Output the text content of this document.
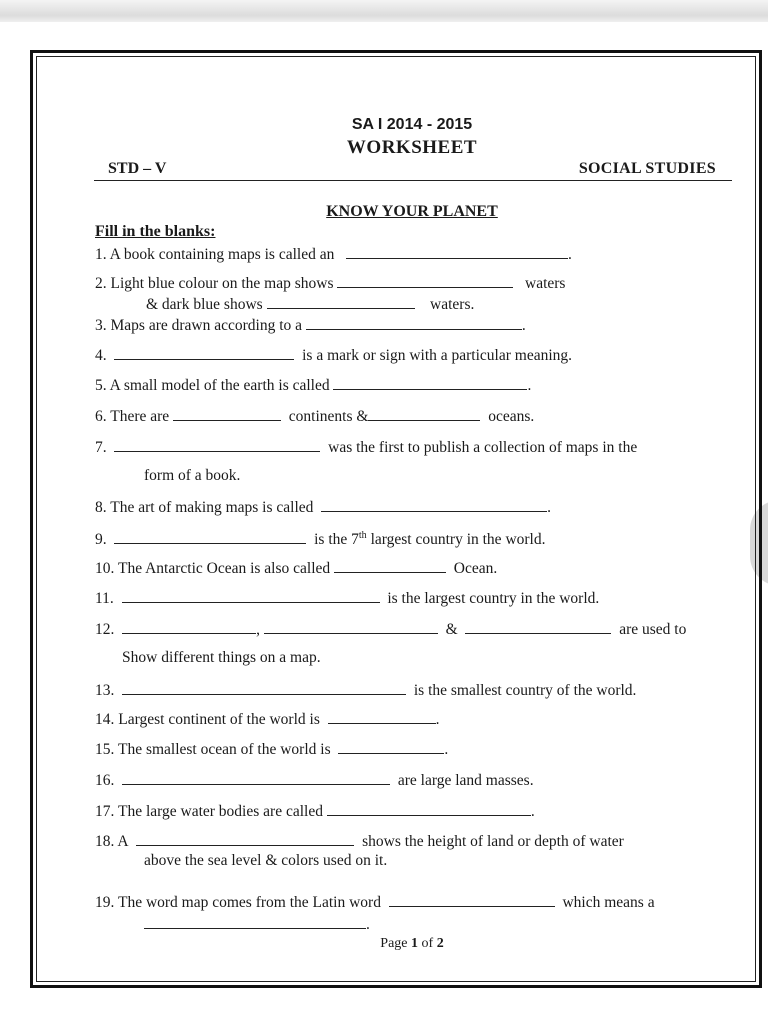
SA I 2014 - 2015
WORKSHEET
STD – V	SOCIAL STUDIES
KNOW YOUR PLANET
Fill in the blanks:
1. A book containing maps is called an	.
2. Light blue colour on the map shows	waters
& dark blue shows	waters.
3. Maps are drawn according to a	.
4.	is a mark or sign with a particular meaning.
5. A small model of the earth is called	.
6. There are	continents &	oceans.
7.	was the first to publish a collection of maps in the
form of a book.
8. The art of making maps is called	.
9.	is the 7th largest country in the world.
10. The Antarctic Ocean is also called	Ocean.
11.	is the largest country in the world.
12.	,	&	are used to
Show different things on a map.
13.	is the smallest country of the world.
14. Largest continent of the world is	.
15. The smallest ocean of the world is	.
16.	are large land masses.
17. The large water bodies are called	.
18. A	shows the height of land or depth of water
above the sea level & colors used on it.
19. The word map comes from the Latin word	which means a
.
Page 1 of 2
